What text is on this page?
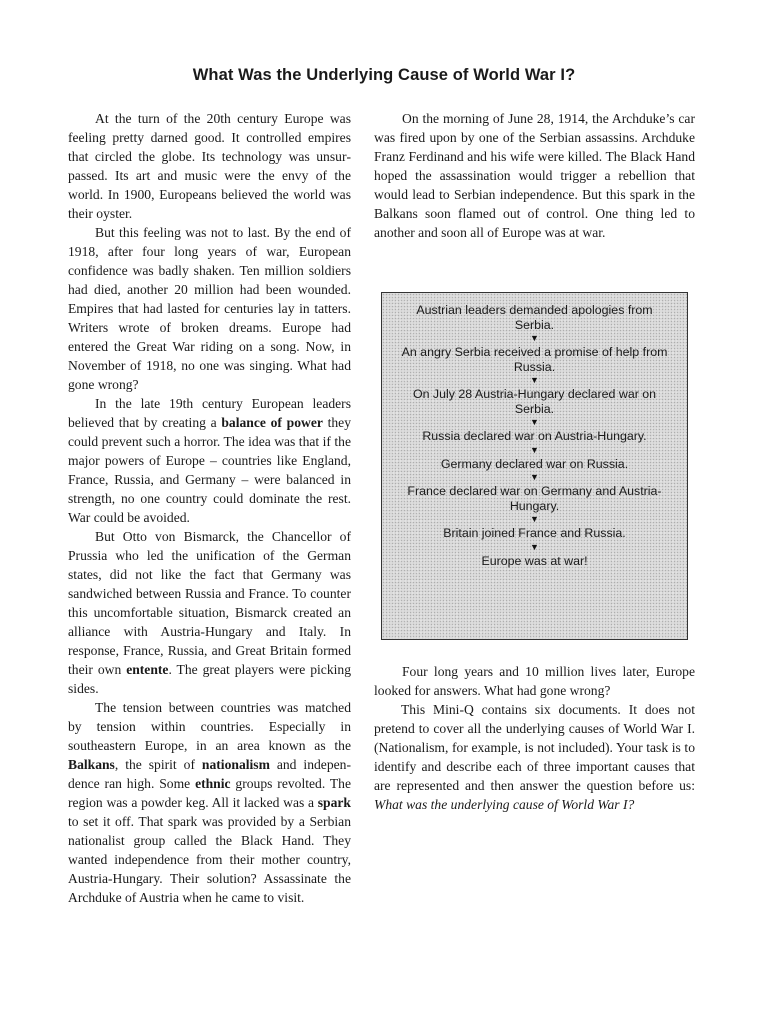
What Was the Underlying Cause of World War I?

At the turn of the 20th century Europe was feeling pretty darned good. It controlled empires that circled the globe. Its technology was unsurpassed. Its art and music were the envy of the world. In 1900, Europeans believed the world was their oyster.

But this feeling was not to last. By the end of 1918, after four long years of war, European confidence was badly shaken. Ten million soldiers had died, another 20 million had been wounded. Empires that had lasted for centuries lay in tatters. Writers wrote of broken dreams. Europe had entered the Great War riding on a song. Now, in November of 1918, no one was singing. What had gone wrong?

In the late 19th century European leaders believed that by creating a balance of power they could prevent such a horror. The idea was that if the major powers of Europe – countries like England, France, Russia, and Germany – were balanced in strength, no one country could dominate the rest. War could be avoided.

But Otto von Bismarck, the Chancellor of Prussia who led the unification of the German states, did not like the fact that Germany was sandwiched between Russia and France. To counter this uncomfortable situation, Bismarck created an alliance with Austria-Hungary and Italy. In response, France, Russia, and Great Britain formed their own entente. The great players were picking sides.

The tension between countries was matched by tension within countries. Especially in southeastern Europe, in an area known as the Balkans, the spirit of nationalism and independence ran high. Some ethnic groups revolted. The region was a powder keg. All it lacked was a spark to set it off. That spark was provided by a Serbian nationalist group called the Black Hand. They wanted independence from their mother country, Austria-Hungary. Their solution? Assassinate the Archduke of Austria when he came to visit.

On the morning of June 28, 1914, the Archduke’s car was fired upon by one of the Serbian assassins. Archduke Franz Ferdinand and his wife were killed. The Black Hand hoped the assassination would trigger a rebellion that would lead to Serbian independence. But this spark in the Balkans soon flamed out of control. One thing led to another and soon all of Europe was at war.

Austrian leaders demanded apologies from Serbia.
▼
An angry Serbia received a promise of help from Russia.
▼
On July 28 Austria-Hungary declared war on Serbia.
▼
Russia declared war on Austria-Hungary.
▼
Germany declared war on Russia.
▼
France declared war on Germany and Austria-Hungary.
▼
Britain joined France and Russia.
▼
Europe was at war!

Four long years and 10 million lives later, Europe looked for answers. What had gone wrong?

This Mini-Q contains six documents. It does not pretend to cover all the underlying causes of World War I. (Nationalism, for example, is not included). Your task is to identify and describe each of three important causes that are represented and then answer the question before us: What was the underlying cause of World War I?
